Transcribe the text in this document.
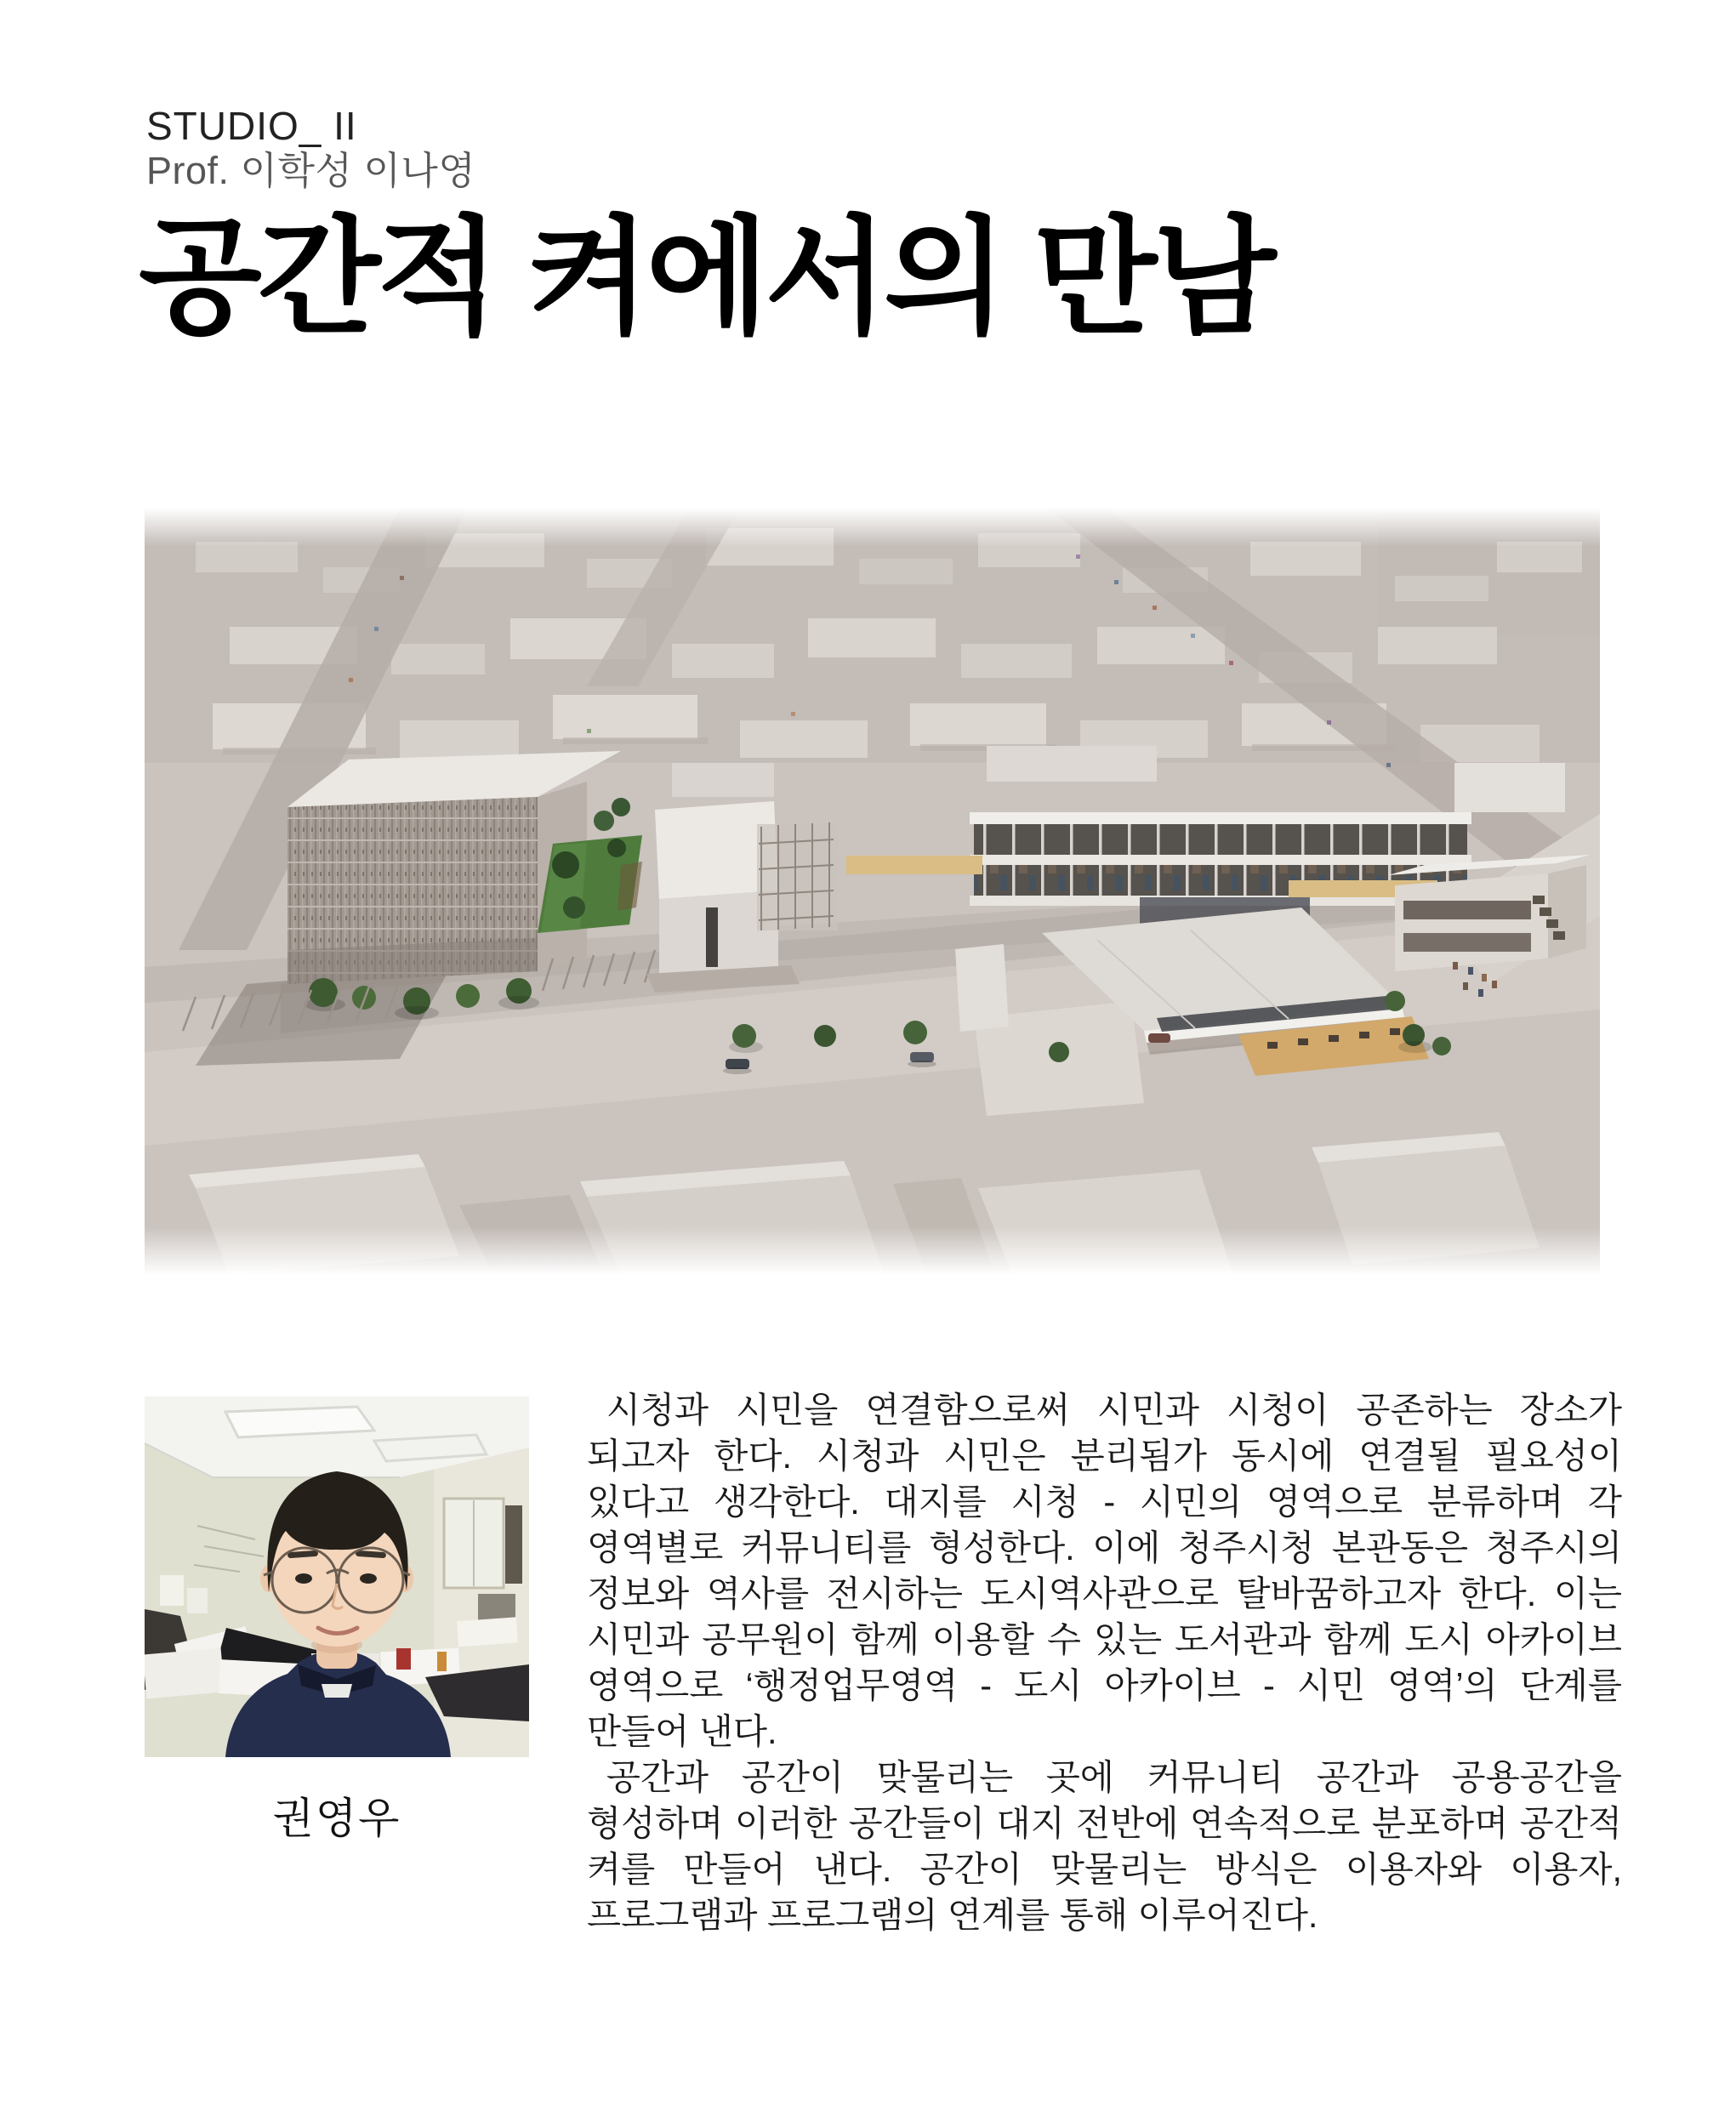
STUDIO_ II
Prof. 이학성 이나영
공간적 켜에서의 만남
권영우

시청과 시민을 연결함으로써 시민과 시청이 공존하는 장소가 되고자 한다. 시청과 시민은 분리됨가 동시에 연결될 필요성이 있다고 생각한다. 대지를 시청 - 시민의 영역으로 분류하며 각 영역별로 커뮤니티를 형성한다. 이에 청주시청 본관동은 청주시의 정보와 역사를 전시하는 도시역사관으로 탈바꿈하고자 한다. 이는 시민과 공무원이 함께 이용할 수 있는 도서관과 함께 도시 아카이브 영역으로 ‘행정업무영역 - 도시 아카이브 - 시민 영역’의 단계를 만들어 낸다.

공간과 공간이 맞물리는 곳에 커뮤니티 공간과 공용공간을 형성하며 이러한 공간들이 대지 전반에 연속적으로 분포하며 공간적 켜를 만들어 낸다. 공간이 맞물리는 방식은 이용자와 이용자, 프로그램과 프로그램의 연계를 통해 이루어진다.
